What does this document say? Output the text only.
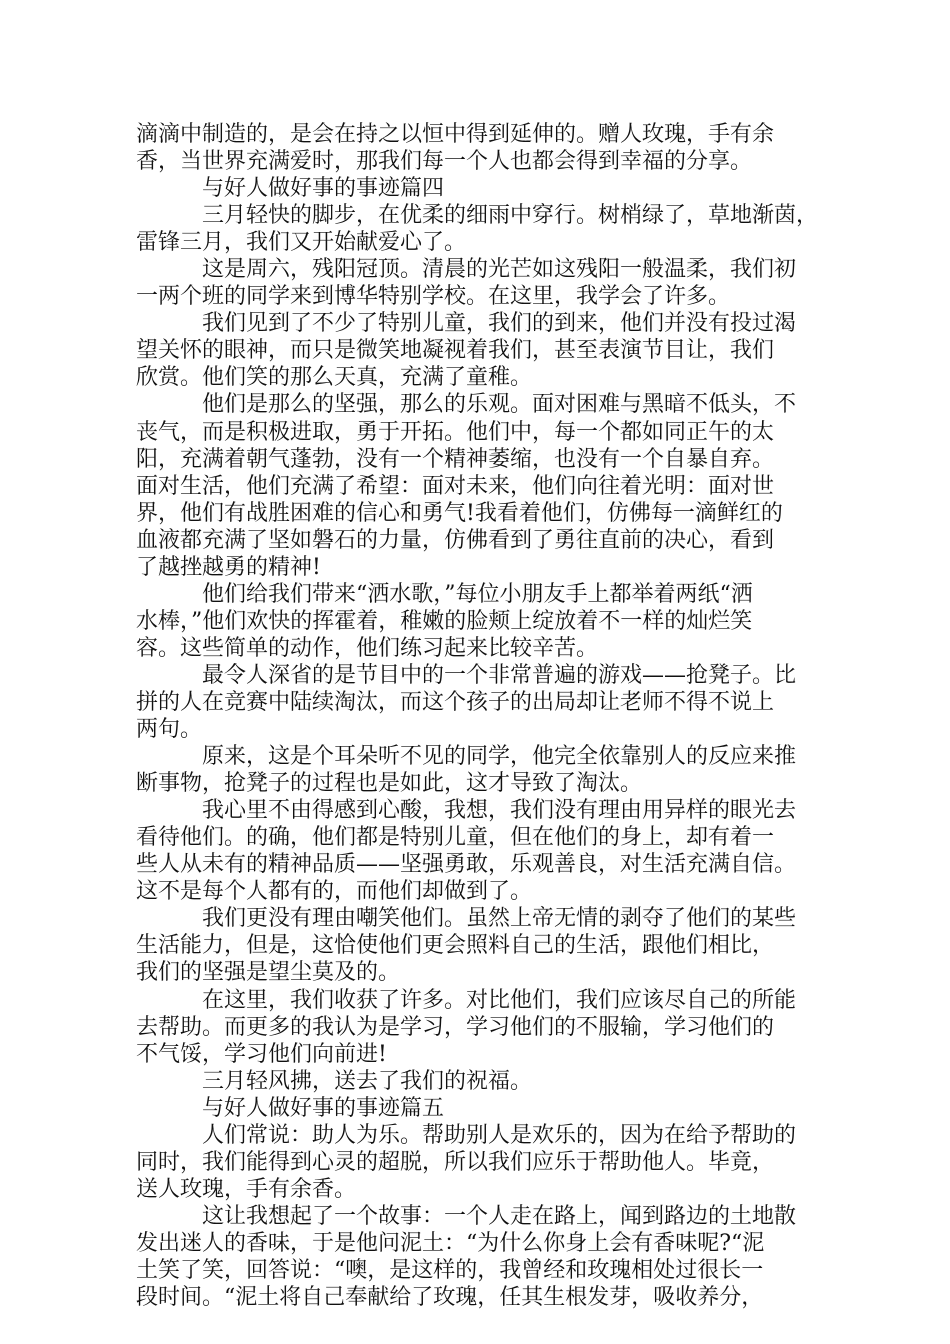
滴滴中制造的，是会在持之以恒中得到延伸的。赠人玫瑰，手有余
香，当世界充满爱时，那我们每一个人也都会得到幸福的分享。
与好人做好事的事迹篇四
三月轻快的脚步，在优柔的细雨中穿行。树梢绿了，草地渐茵，
雷锋三月，我们又开始献爱心了。
这是周六，残阳冠顶。清晨的光芒如这残阳一般温柔，我们初
一两个班的同学来到博华特别学校。在这里，我学会了许多。
我们见到了不少了特别儿童，我们的到来，他们并没有投过渴
望关怀的眼神，而只是微笑地凝视着我们，甚至表演节目让，我们
欣赏。他们笑的那么天真，充满了童稚。
他们是那么的坚强，那么的乐观。面对困难与黑暗不低头，不
丧气，而是积极进取，勇于开拓。他们中，每一个都如同正午的太
阳，充满着朝气蓬勃，没有一个精神萎缩，也没有一个自暴自弃。
面对生活，他们充满了希望：面对未来，他们向往着光明：面对世
界，他们有战胜困难的信心和勇气!我看着他们，仿佛每一滴鲜红的
血液都充满了坚如磐石的力量，仿佛看到了勇往直前的决心，看到
了越挫越勇的精神!
他们给我们带来“洒水歌，”每位小朋友手上都举着两纸“洒
水棒，”他们欢快的挥霍着，稚嫩的脸颊上绽放着不一样的灿烂笑
容。这些简单的动作，他们练习起来比较辛苦。
最令人深省的是节目中的一个非常普遍的游戏——抢凳子。比
拼的人在竞赛中陆续淘汰，而这个孩子的出局却让老师不得不说上
两句。
原来，这是个耳朵听不见的同学，他完全依靠别人的反应来推
断事物，抢凳子的过程也是如此，这才导致了淘汰。
我心里不由得感到心酸，我想，我们没有理由用异样的眼光去
看待他们。的确，他们都是特别儿童，但在他们的身上，却有着一
些人从未有的精神品质——坚强勇敢，乐观善良，对生活充满自信。
这不是每个人都有的，而他们却做到了。
我们更没有理由嘲笑他们。虽然上帝无情的剥夺了他们的某些
生活能力，但是，这恰使他们更会照料自己的生活，跟他们相比，
我们的坚强是望尘莫及的。
在这里，我们收获了许多。对比他们，我们应该尽自己的所能
去帮助。而更多的我认为是学习，学习他们的不服输，学习他们的
不气馁，学习他们向前进!
三月轻风拂，送去了我们的祝福。
与好人做好事的事迹篇五
人们常说：助人为乐。帮助别人是欢乐的，因为在给予帮助的
同时，我们能得到心灵的超脱，所以我们应乐于帮助他人。毕竟，
送人玫瑰，手有余香。
这让我想起了一个故事：一个人走在路上，闻到路边的土地散
发出迷人的香味，于是他问泥土：“为什么你身上会有香味呢?“泥
土笑了笑，回答说：“噢，是这样的，我曾经和玫瑰相处过很长一
段时间。“泥土将自己奉献给了玫瑰，任其生根发芽，吸收养分，
